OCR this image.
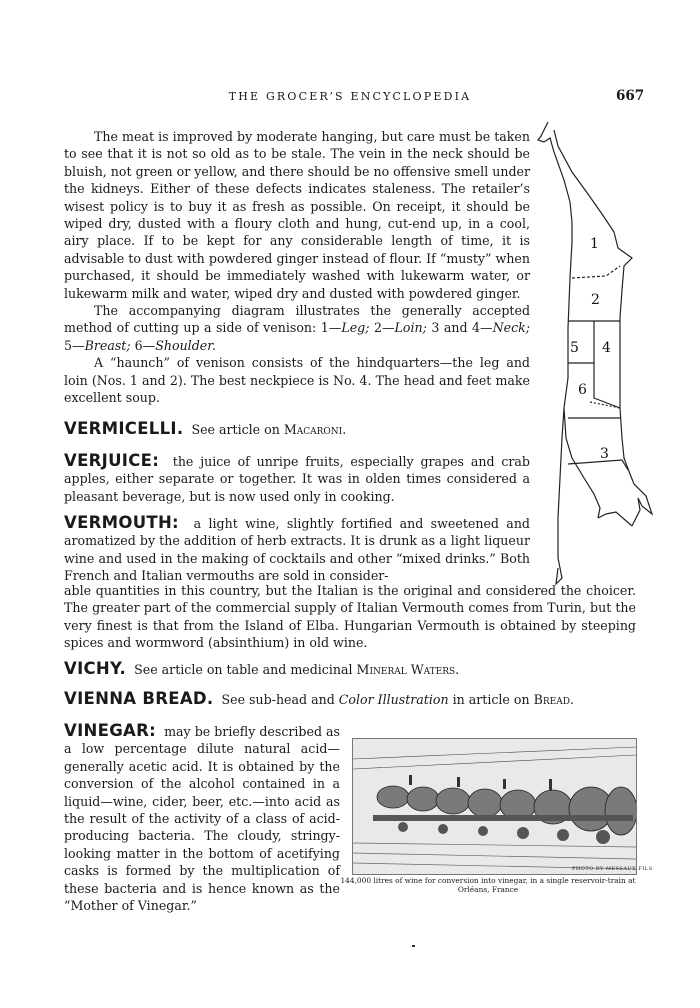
THE GROCER’S ENCYCLOPEDIA	667

The meat is improved by moderate hanging, but care must be taken to see that it is not so old as to be stale. The vein in the neck should be bluish, not green or yellow, and there should be no offensive smell under the kidneys. Either of these defects indicates staleness. The retailer’s wisest policy is to buy it as fresh as possible. On receipt, it should be wiped dry, dusted with a floury cloth and hung, cut-end up, in a cool, airy place. If to be kept for any considerable length of time, it is advisable to dust with powdered ginger instead of flour. If “musty” when purchased, it should be immediately washed with lukewarm water, or lukewarm milk and water, wiped dry and dusted with powdered ginger.

The accompanying diagram illustrates the generally accepted method of cutting up a side of venison: 1—Leg; 2—Loin; 3 and 4—Neck; 5—Breast; 6—Shoulder.

A “haunch” of venison consists of the hindquarters—the leg and loin (Nos. 1 and 2). The best neckpiece is No. 4. The head and feet make excellent soup.

1
2
5 4
6
3
VERMICELLI. See article on Macaroni.
VERJUICE: the juice of unripe fruits, especially grapes and crab apples, either separate or together. It was in olden times considered a pleasant beverage, but is now used only in cooking.
VERMOUTH: a light wine, slightly fortified and sweetened and aromatized by the addition of herb extracts. It is drunk as a light liqueur wine and used in the making of cocktails and other “mixed drinks.” Both French and Italian vermouths are sold in consider-
able quantities in this country, but the Italian is the original and considered the choicer. The greater part of the commercial supply of Italian Vermouth comes from Turin, but the very finest is that from the Island of Elba. Hungarian Vermouth is obtained by steeping spices and wormword (absinthium) in old wine.
VICHY. See article on table and medicinal Mineral Waters.
VIENNA BREAD. See sub-head and Color Illustration in article on Bread.
VINEGAR: may be briefly described as a low percentage dilute natural acid—generally acetic acid. It is obtained by the conversion of the alcohol contained in a liquid—wine, cider, beer, etc.—into acid as the result of the activity of a class of acid-producing bacteria. The cloudy, stringy-looking matter in the bottom of acetifying casks is formed by the multiplication of these bacteria and is hence known as the “Mother of Vinegar.”
PHOTO BY MESSAUX FILS
144,000 litres of wine for conversion into vinegar, in a single reservoir-train at Orléans, France
